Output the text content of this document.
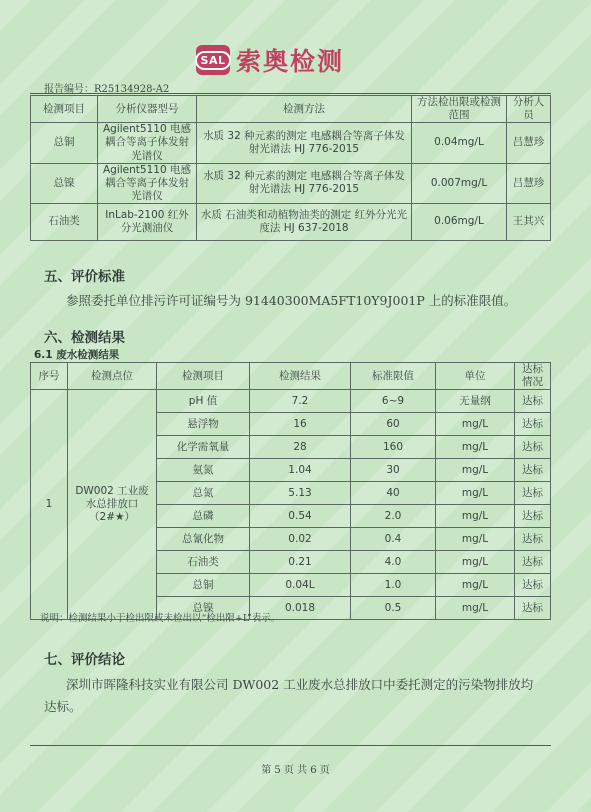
SAL 索奥检测
报告编号：R25134928-A2
检测项目	分析仪器型号	检测方法	方法检出限或检测范围	分析人员
总铜	Agilent5110 电感耦合等离子体发射光谱仪	水质 32 种元素的测定 电感耦合等离子体发射光谱法 HJ 776-2015	0.04mg/L	吕慧珍
总镍	Agilent5110 电感耦合等离子体发射光谱仪	水质 32 种元素的测定 电感耦合等离子体发射光谱法 HJ 776-2015	0.007mg/L	吕慧珍
石油类	InLab-2100 红外分光测油仪	水质 石油类和动植物油类的测定 红外分光光度法 HJ 637-2018	0.06mg/L	王其兴
五、评价标准
参照委托单位排污许可证编号为 91440300MA5FT10Y9J001P 上的标准限值。
六、检测结果
6.1 废水检测结果
序号	检测点位	检测项目	检测结果	标准限值	单位	达标情况
1	DW002 工业废水总排放口（2#★）	pH 值	7.2	6~9	无量纲	达标
		悬浮物	16	60	mg/L	达标
		化学需氧量	28	160	mg/L	达标
		氨氮	1.04	30	mg/L	达标
		总氮	5.13	40	mg/L	达标
		总磷	0.54	2.0	mg/L	达标
		总氰化物	0.02	0.4	mg/L	达标
		石油类	0.21	4.0	mg/L	达标
		总铜	0.04L	1.0	mg/L	达标
		总镍	0.018	0.5	mg/L	达标
说明：检测结果小于检出限或未检出以“检出限+L”表示。
七、评价结论
深圳市晖隆科技实业有限公司 DW002 工业废水总排放口中委托测定的污染物排放均达标。
第 5 页 共 6 页
